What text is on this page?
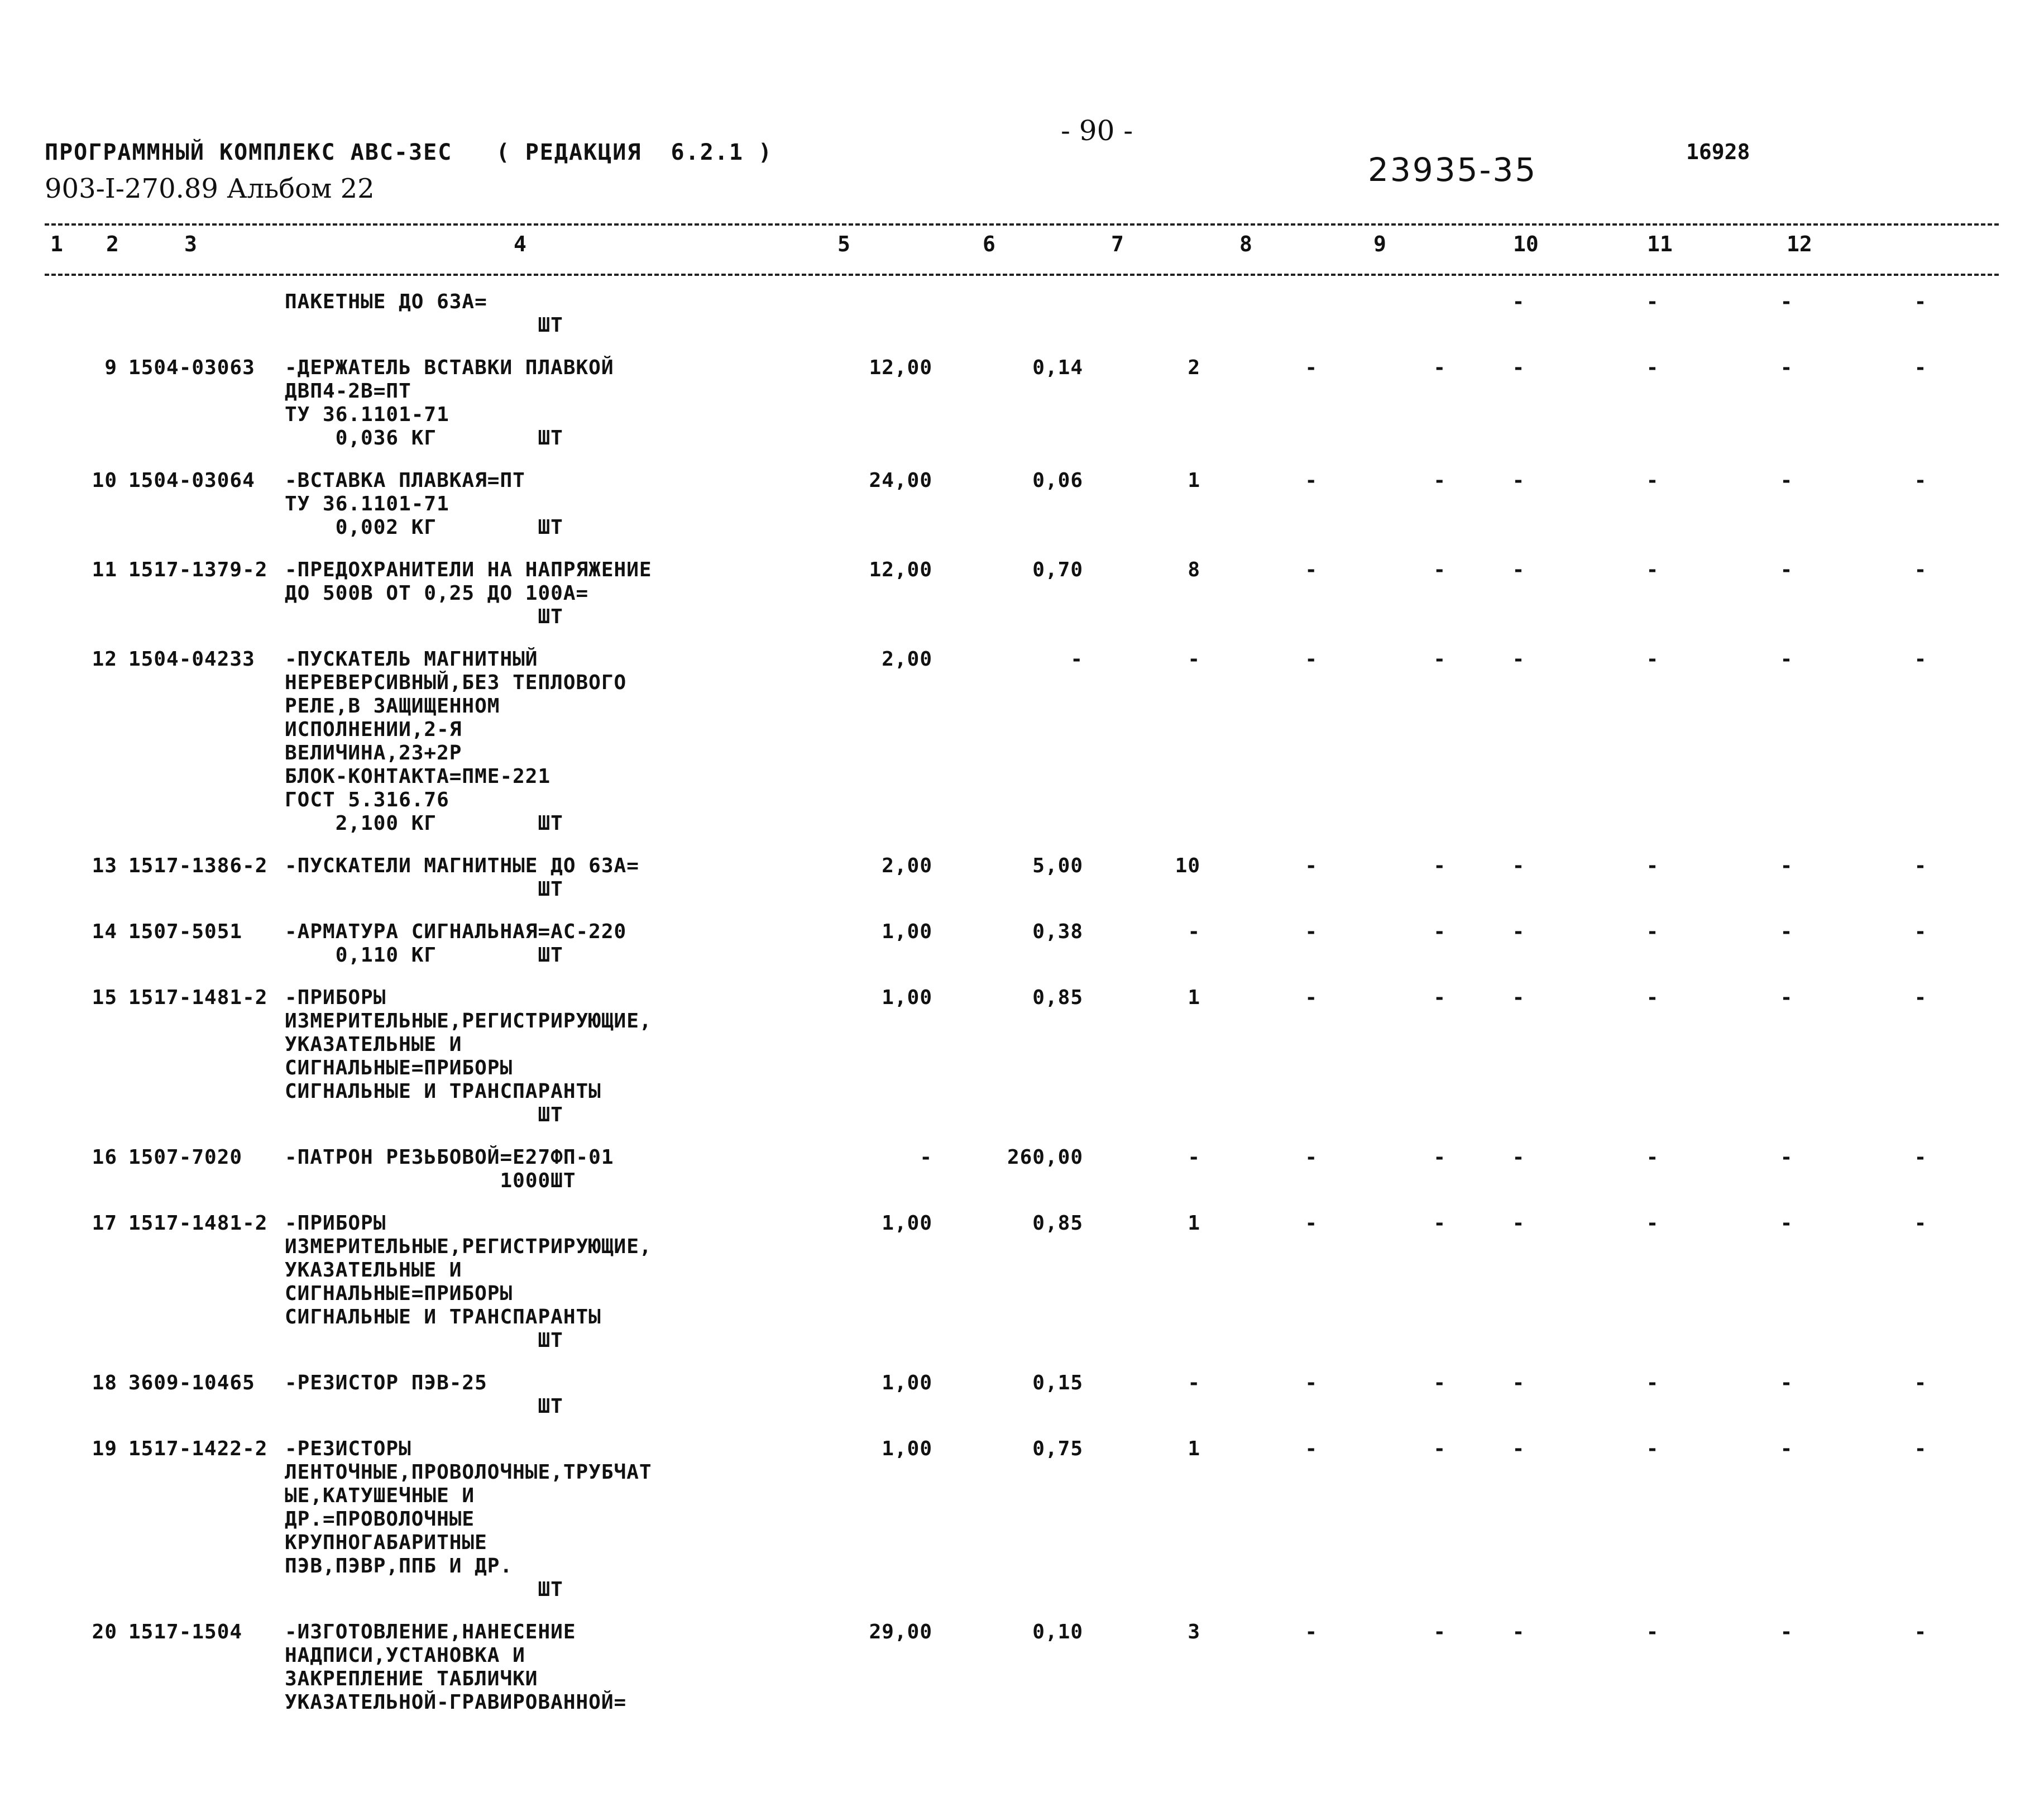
ПРОГРАММНЫЙ КОМПЛЕКС АВС-3ЕС   ( РЕДАКЦИЯ  6.2.1 )
903-I-270.89 Альбом 22
- 90 -
23935-35	16928
1 2	3	4	5	6	7	8	9	10	11	12
ПАКЕТНЫЕ ДО 63А=
ШТ
-	-	-	-
9 1504-03063 -ДЕРЖАТЕЛЬ ВСТАВКИ ПЛАВКОЙ
ДВП4-2В=ПТ
ТУ 36.1101-71
0,036 КГ        ШТ
12,00	0,14	2	-	-	-	-	-	-
10 1504-03064 -ВСТАВКА ПЛАВКАЯ=ПТ
ТУ 36.1101-71
0,002 КГ        ШТ
24,00	0,06	1	-	-	-	-	-	-
11 1517-1379-2 -ПРЕДОХРАНИТЕЛИ НА НАПРЯЖЕНИЕ
ДО 500В ОТ 0,25 ДО 100А=
ШТ
12,00	0,70	8	-	-	-	-	-	-
12 1504-04233 -ПУСКАТЕЛЬ МАГНИТНЫЙ
НЕРЕВЕРСИВНЫЙ,БЕЗ ТЕПЛОВОГО
РЕЛЕ,В ЗАЩИЩЕННОМ
ИСПОЛНЕНИИ,2-Я
ВЕЛИЧИНА,23+2Р
БЛОК-КОНТАКТА=ПМЕ-221
ГОСТ 5.316.76
2,100 КГ        ШТ
2,00	-	-	-	-	-	-	-	-
13 1517-1386-2 -ПУСКАТЕЛИ МАГНИТНЫЕ ДО 63А=
ШТ
2,00	5,00	10	-	-	-	-	-	-
14 1507-5051 -АРМАТУРА СИГНАЛЬНАЯ=АС-220
0,110 КГ        ШТ
1,00	0,38	-	-	-	-	-	-	-
15 1517-1481-2 -ПРИБОРЫ
ИЗМЕРИТЕЛЬНЫЕ,РЕГИСТРИРУЮЩИЕ,
УКАЗАТЕЛЬНЫЕ И
СИГНАЛЬНЫЕ=ПРИБОРЫ
СИГНАЛЬНЫЕ И ТРАНСПАРАНТЫ
ШТ
1,00	0,85	1	-	-	-	-	-	-
16 1507-7020 -ПАТРОН РЕЗЬБОВОЙ=Е27ФП-01
1000ШТ
-	260,00	-	-	-	-	-	-	-
17 1517-1481-2 -ПРИБОРЫ
ИЗМЕРИТЕЛЬНЫЕ,РЕГИСТРИРУЮЩИЕ,
УКАЗАТЕЛЬНЫЕ И
СИГНАЛЬНЫЕ=ПРИБОРЫ
СИГНАЛЬНЫЕ И ТРАНСПАРАНТЫ
ШТ
1,00	0,85	1	-	-	-	-	-	-
18 3609-10465 -РЕЗИСТОР ПЭВ-25
ШТ
1,00	0,15	-	-	-	-	-	-	-
19 1517-1422-2 -РЕЗИСТОРЫ
ЛЕНТОЧНЫЕ,ПРОВОЛОЧНЫЕ,ТРУБЧАТ
ЫЕ,КАТУШЕЧНЫЕ И
ДР.=ПРОВОЛОЧНЫЕ
КРУПНОГАБАРИТНЫЕ
ПЭВ,ПЭВР,ППБ И ДР.
ШТ
1,00	0,75	1	-	-	-	-	-	-
20 1517-1504 -ИЗГОТОВЛЕНИЕ,НАНЕСЕНИЕ
НАДПИСИ,УСТАНОВКА И
ЗАКРЕПЛЕНИЕ ТАБЛИЧКИ
УКАЗАТЕЛЬНОЙ-ГРАВИРОВАННОЙ=
29,00	0,10	3	-	-	-	-	-	-
